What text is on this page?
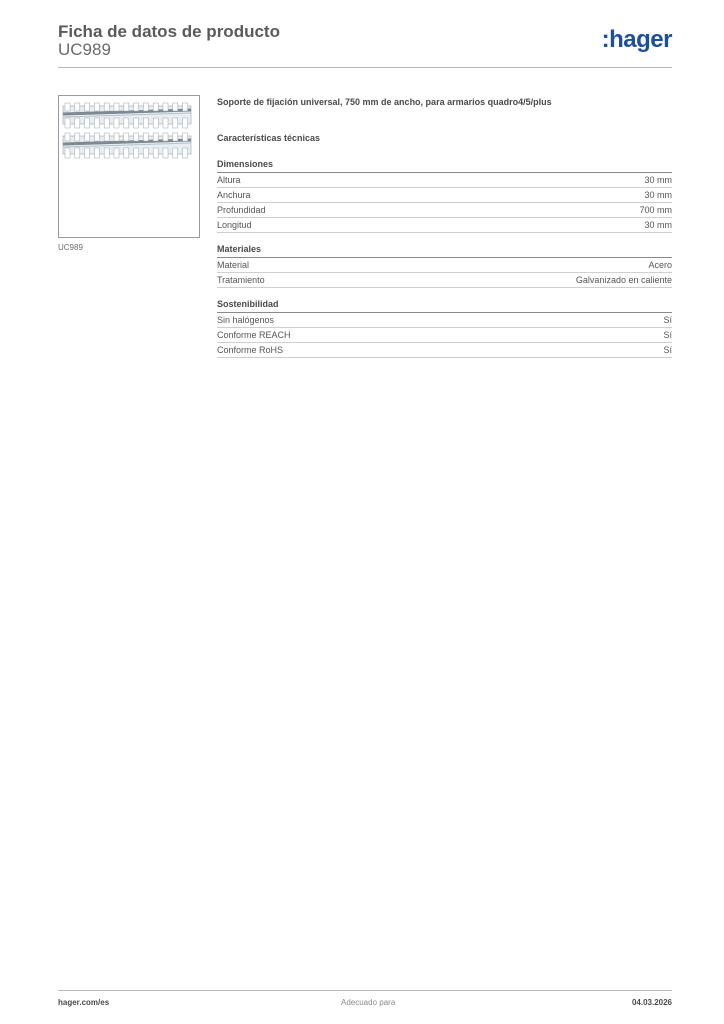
Ficha de datos de producto
UC989	:hager
UC989

Soporte de fijación universal, 750 mm de ancho, para armarios quadro4/5/plus

Características técnicas
Dimensiones
Altura	30 mm
Anchura	30 mm
Profundidad	700 mm
Longitud	30 mm
Materiales
Material	Acero
Tratamiento	Galvanizado en caliente
Sostenibilidad
Sin halógenos	Sí
Conforme REACH	Sí
Conforme RoHS	Sí
hager.com/es	Adecuado para	04.03.2026
